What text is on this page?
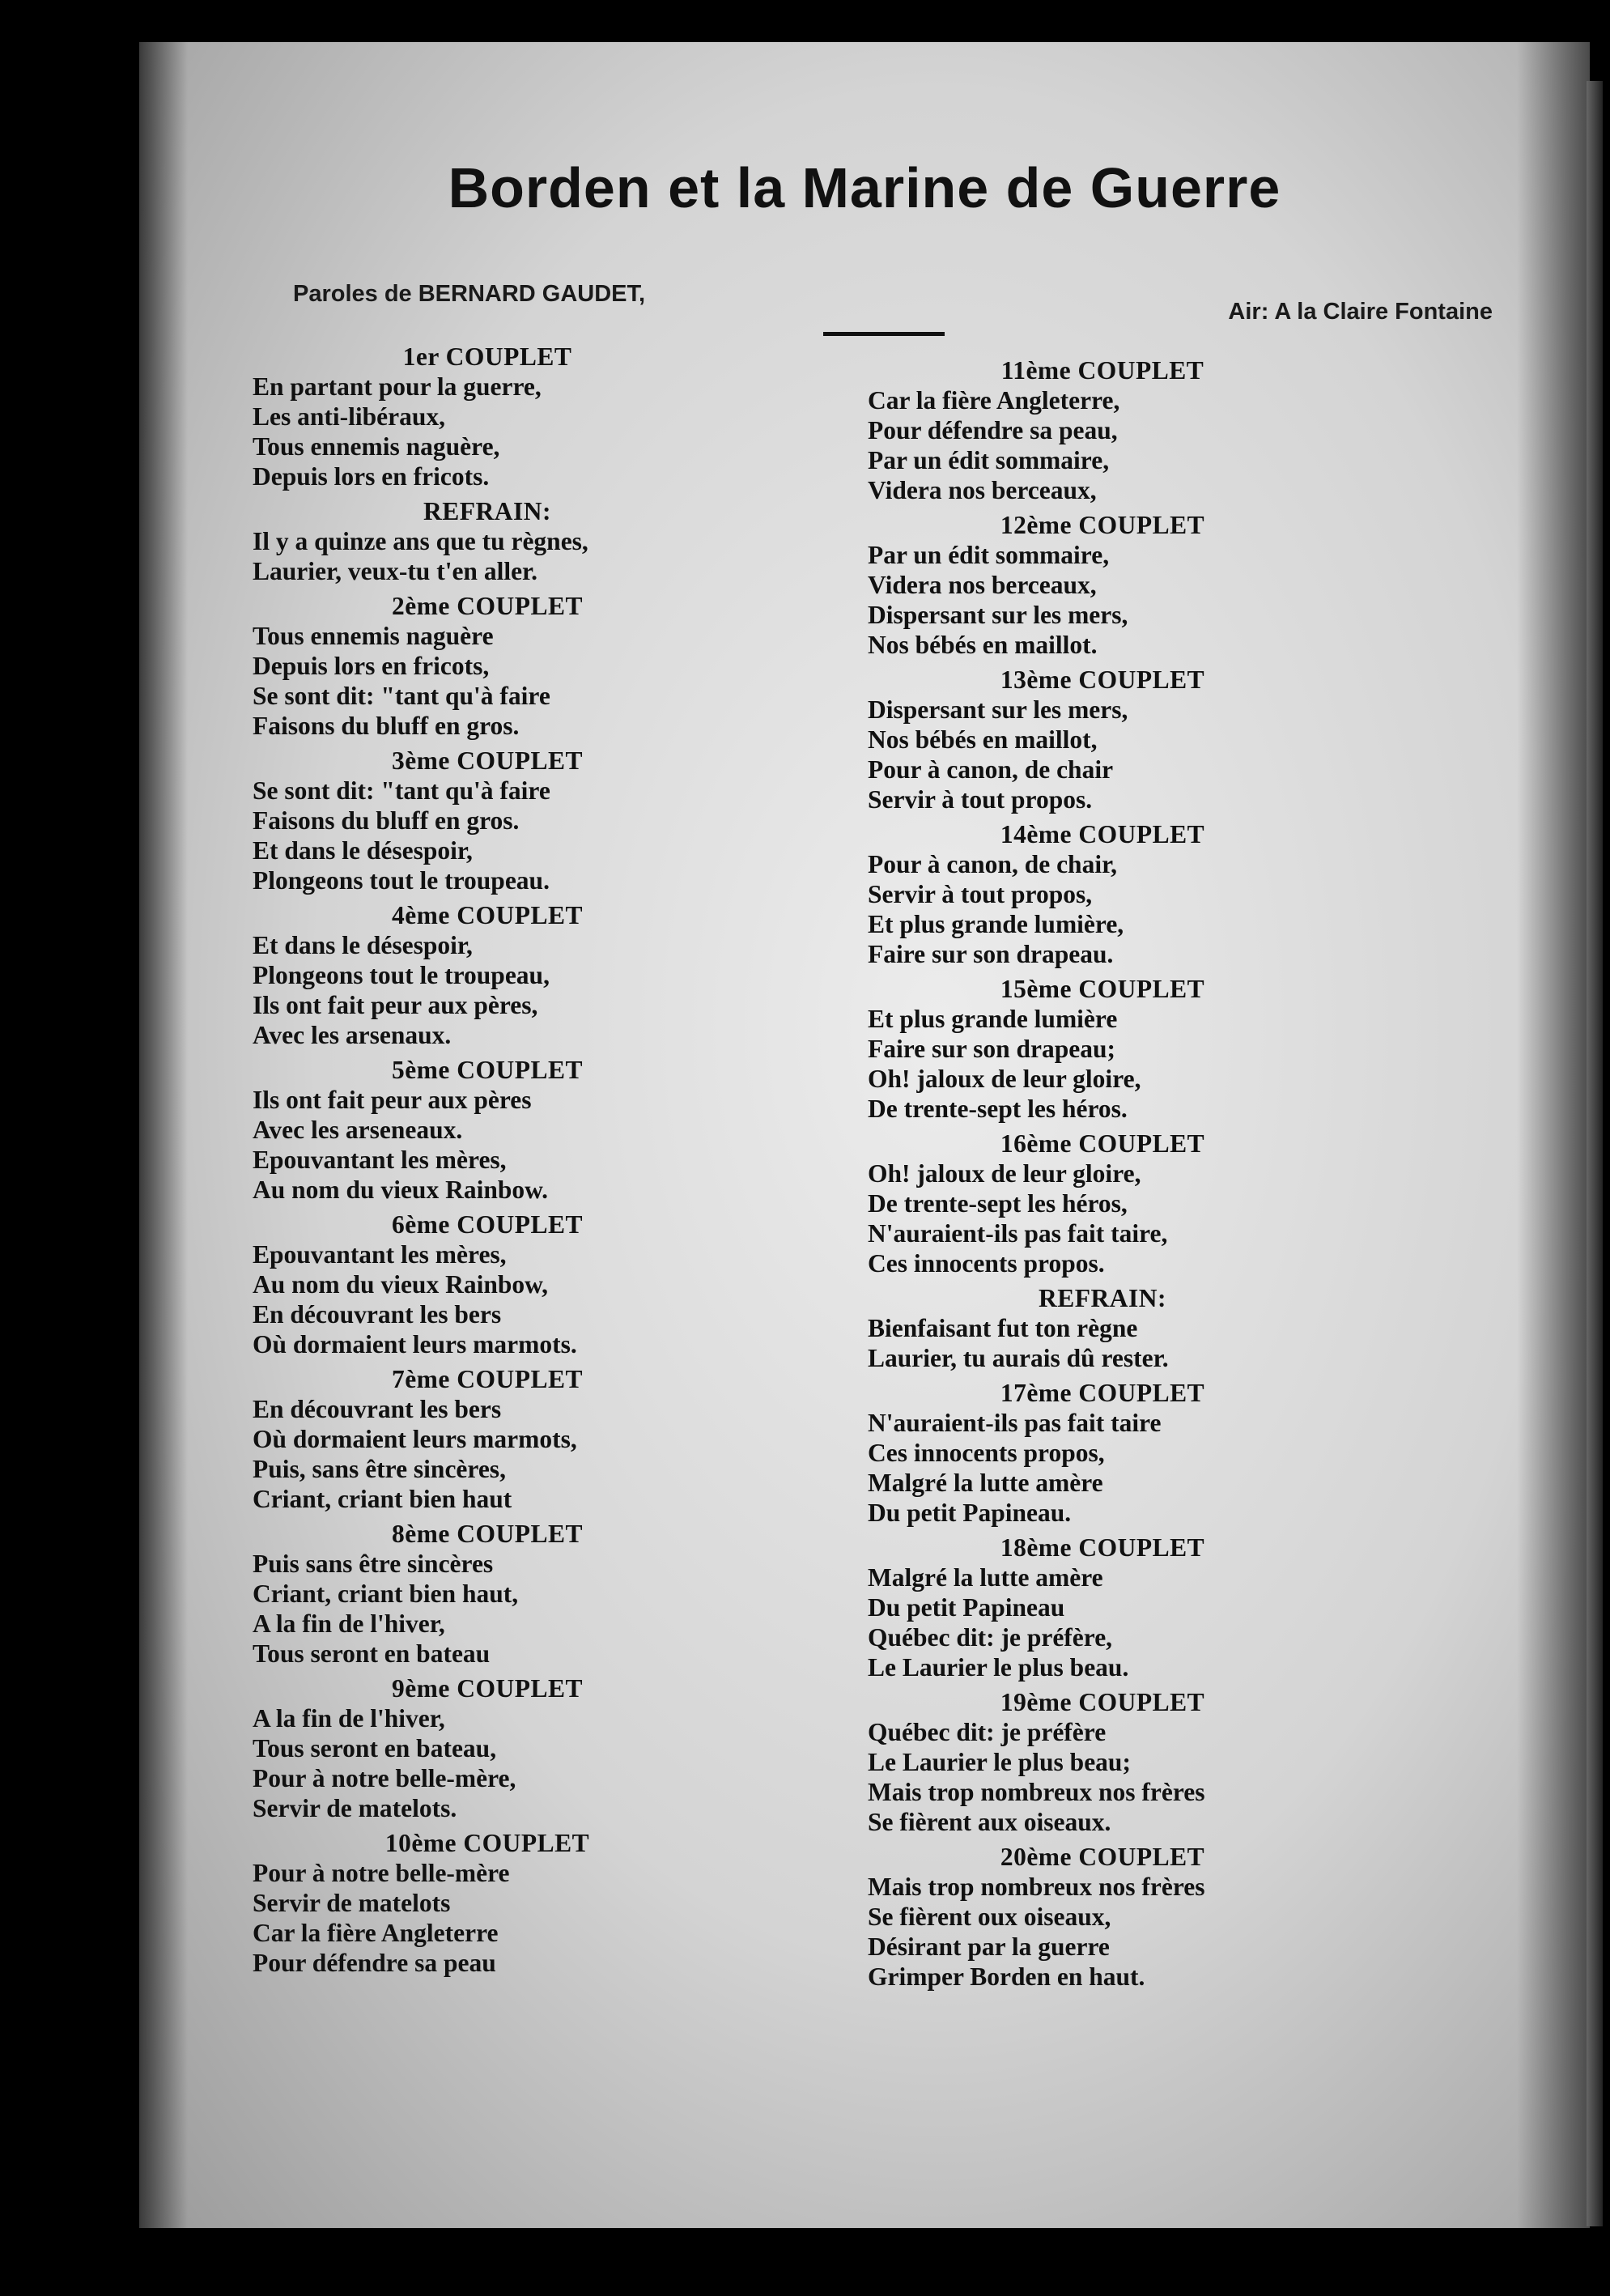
Borden et la Marine de Guerre
Paroles de BERNARD GAUDET,
Air: A la Claire Fontaine
1er COUPLET
En partant pour la guerre,
Les anti-libéraux,
Tous ennemis naguère,
Depuis lors en fricots.
REFRAIN:
Il y a quinze ans que tu règnes,
Laurier, veux-tu t'en aller.
2ème COUPLET
Tous ennemis naguère
Depuis lors en fricots,
Se sont dit: "tant qu'à faire
Faisons du bluff en gros.
3ème COUPLET
Se sont dit: "tant qu'à faire
Faisons du bluff en gros.
Et dans le désespoir,
Plongeons tout le troupeau.
4ème COUPLET
Et dans le désespoir,
Plongeons tout le troupeau,
Ils ont fait peur aux pères,
Avec les arsenaux.
5ème COUPLET
Ils ont fait peur aux pères
Avec les arseneaux.
Epouvantant les mères,
Au nom du vieux Rainbow.
6ème COUPLET
Epouvantant les mères,
Au nom du vieux Rainbow,
En découvrant les bers
Où dormaient leurs marmots.
7ème COUPLET
En découvrant les bers
Où dormaient leurs marmots,
Puis, sans être sincères,
Criant, criant bien haut
8ème COUPLET
Puis sans être sincères
Criant, criant bien haut,
A la fin de l'hiver,
Tous seront en bateau
9ème COUPLET
A la fin de l'hiver,
Tous seront en bateau,
Pour à notre belle-mère,
Servir de matelots.
10ème COUPLET
Pour à notre belle-mère
Servir de matelots
Car la fière Angleterre
Pour défendre sa peau
11ème COUPLET
Car la fière Angleterre,
Pour défendre sa peau,
Par un édit sommaire,
Videra nos berceaux,
12ème COUPLET
Par un édit sommaire,
Videra nos berceaux,
Dispersant sur les mers,
Nos bébés en maillot.
13ème COUPLET
Dispersant sur les mers,
Nos bébés en maillot,
Pour à canon, de chair
Servir à tout propos.
14ème COUPLET
Pour à canon, de chair,
Servir à tout propos,
Et plus grande lumière,
Faire sur son drapeau.
15ème COUPLET
Et plus grande lumière
Faire sur son drapeau;
Oh! jaloux de leur gloire,
De trente-sept les héros.
16ème COUPLET
Oh! jaloux de leur gloire,
De trente-sept les héros,
N'auraient-ils pas fait taire,
Ces innocents propos.
REFRAIN:
Bienfaisant fut ton règne
Laurier, tu aurais dû rester.
17ème COUPLET
N'auraient-ils pas fait taire
Ces innocents propos,
Malgré la lutte amère
Du petit Papineau.
18ème COUPLET
Malgré la lutte amère
Du petit Papineau
Québec dit: je préfère,
Le Laurier le plus beau.
19ème COUPLET
Québec dit: je préfère
Le Laurier le plus beau;
Mais trop nombreux nos frères
Se fièrent aux oiseaux.
20ème COUPLET
Mais trop nombreux nos frères
Se fièrent oux oiseaux,
Désirant par la guerre
Grimper Borden en haut.
